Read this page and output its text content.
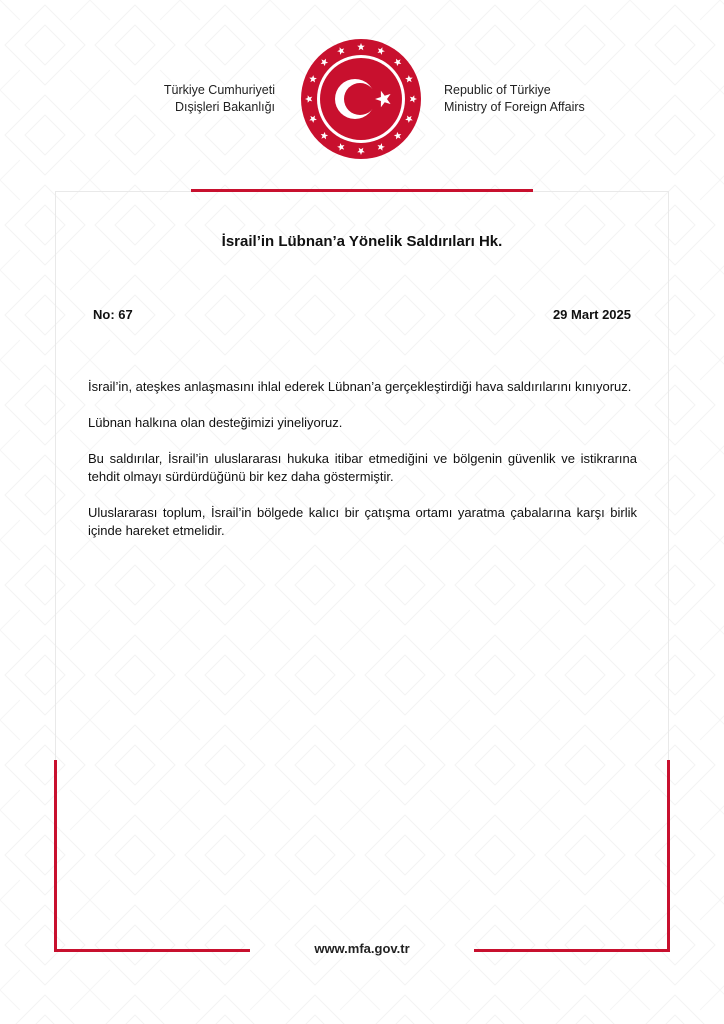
Türkiye Cumhuriyeti
Dışişleri Bakanlığı
Republic of Türkiye
Ministry of Foreign Affairs
İsrail’in Lübnan’a Yönelik Saldırıları Hk.
No: 67	29 Mart 2025

İsrail’in, ateşkes anlaşmasını ihlal ederek Lübnan’a gerçekleştirdiği hava saldırılarını kınıyoruz.

Lübnan halkına olan desteğimizi yineliyoruz.

Bu saldırılar, İsrail’in uluslararası hukuka itibar etmediğini ve bölgenin güvenlik ve istikrarına tehdit olmayı sürdürdüğünü bir kez daha göstermiştir.

Uluslararası toplum, İsrail’in bölgede kalıcı bir çatışma ortamı yaratma çabalarına karşı birlik içinde hareket etmelidir.

www.mfa.gov.tr
